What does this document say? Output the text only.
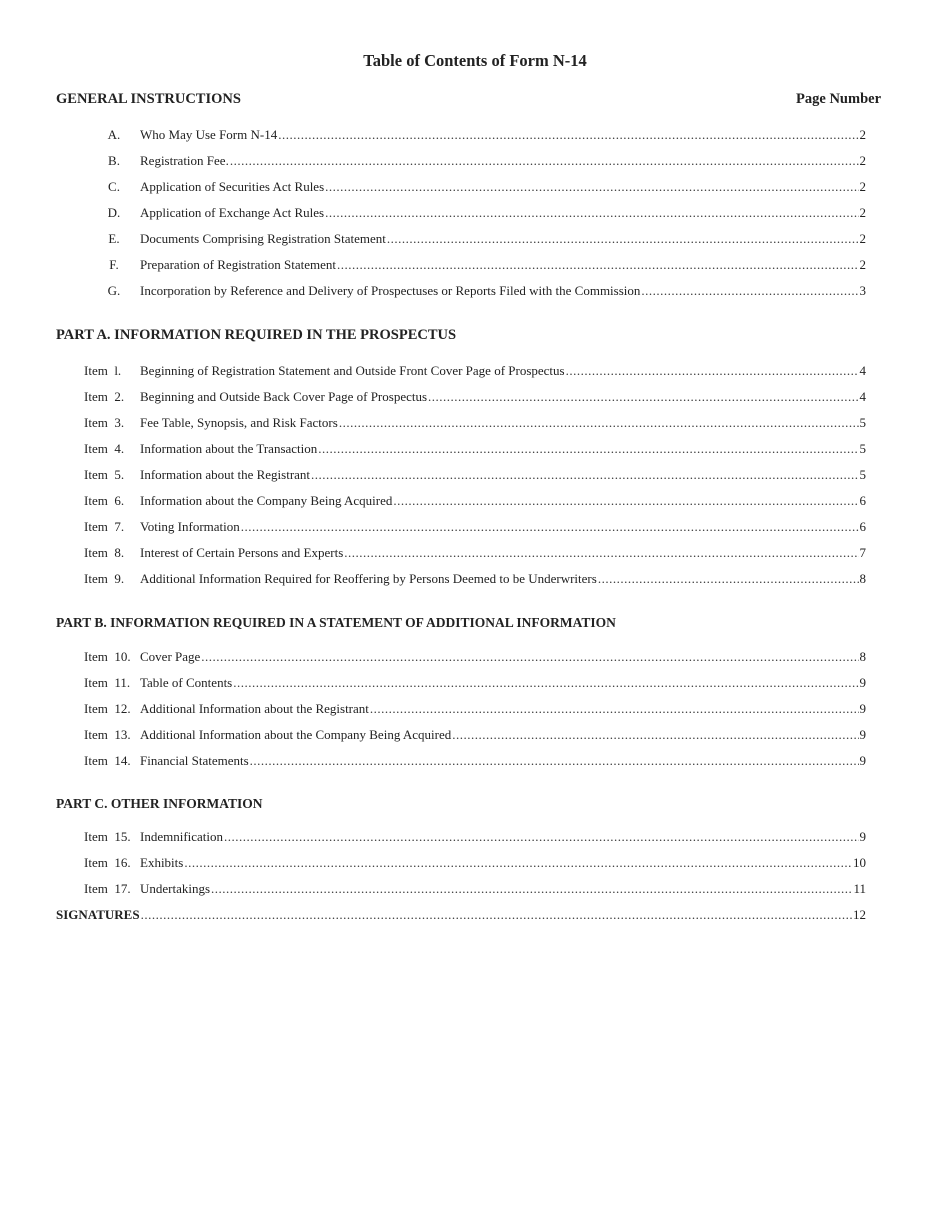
Table of Contents of Form N-14
GENERAL INSTRUCTIONS	Page Number
A.	Who May Use Form N-14 .....	2
B.	Registration Fee. .....	2
C.	Application of Securities Act Rules .....	2
D.	Application of Exchange Act Rules .....	2
E.	Documents Comprising Registration Statement .....	2
F.	Preparation of Registration Statement .....	2
G.	Incorporation by Reference and Delivery of Prospectuses or Reports Filed with the Commission .....	3
PART A. INFORMATION REQUIRED IN THE PROSPECTUS
Item  l. Beginning of Registration Statement and Outside Front Cover Page of Prospectus .....	4
Item  2. Beginning and Outside Back Cover Page of Prospectus .....	4
Item  3. Fee Table, Synopsis, and Risk Factors .....	5
Item  4. Information about the Transaction .....	5
Item  5. Information about the Registrant .....	5
Item  6. Information about the Company Being Acquired .....	6
Item  7. Voting Information .....	6
Item  8. Interest of Certain Persons and Experts .....	7
Item  9. Additional Information Required for Reoffering by Persons Deemed to be Underwriters .....	8
PART B. INFORMATION REQUIRED IN A STATEMENT OF ADDITIONAL INFORMATION
Item  10. Cover Page .....	8
Item  11. Table of Contents .....	9
Item  12. Additional Information about the Registrant .....	9
Item  13. Additional Information about the Company Being Acquired .....	9
Item  14. Financial Statements .....	9
PART C. OTHER INFORMATION
Item  15. Indemnification .....	9
Item  16. Exhibits .....	10
Item  17. Undertakings .....	11
SIGNATURES .....	12
